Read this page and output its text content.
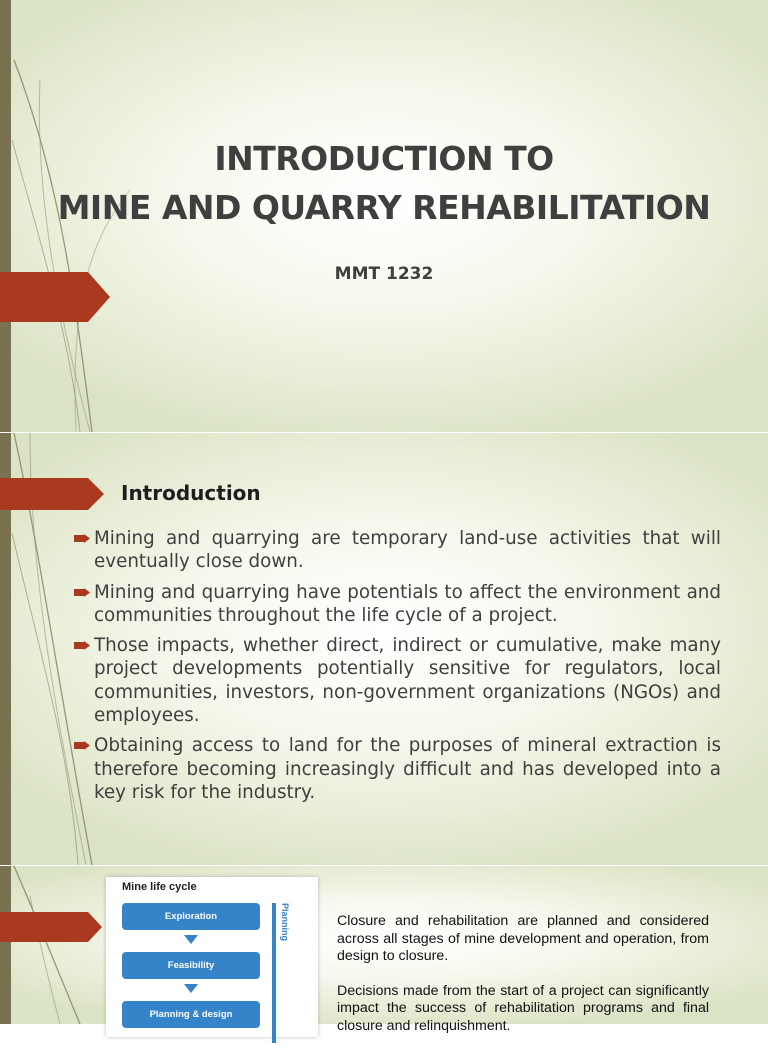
INTRODUCTION TO
MINE AND QUARRY REHABILITATION
MMT 1232
Introduction
Mining and quarrying are temporary land-use activities that will eventually close down.
Mining and quarrying have potentials to affect the environment and communities throughout the life cycle of a project.
Those impacts, whether direct, indirect or cumulative, make many project developments potentially sensitive for regulators, local communities, investors, non-government organizations (NGOs) and employees.
Obtaining access to land for the purposes of mineral extraction is therefore becoming increasingly difficult and has developed into a key risk for the industry.
Mine life cycle
Exploration
Feasibility
Planning & design
Planning	Closure and rehabilitation are planned and considered across all stages of mine development and operation, from design to closure.

Decisions made from the start of a project can significantly impact the success of rehabilitation programs and final closure and relinquishment.
